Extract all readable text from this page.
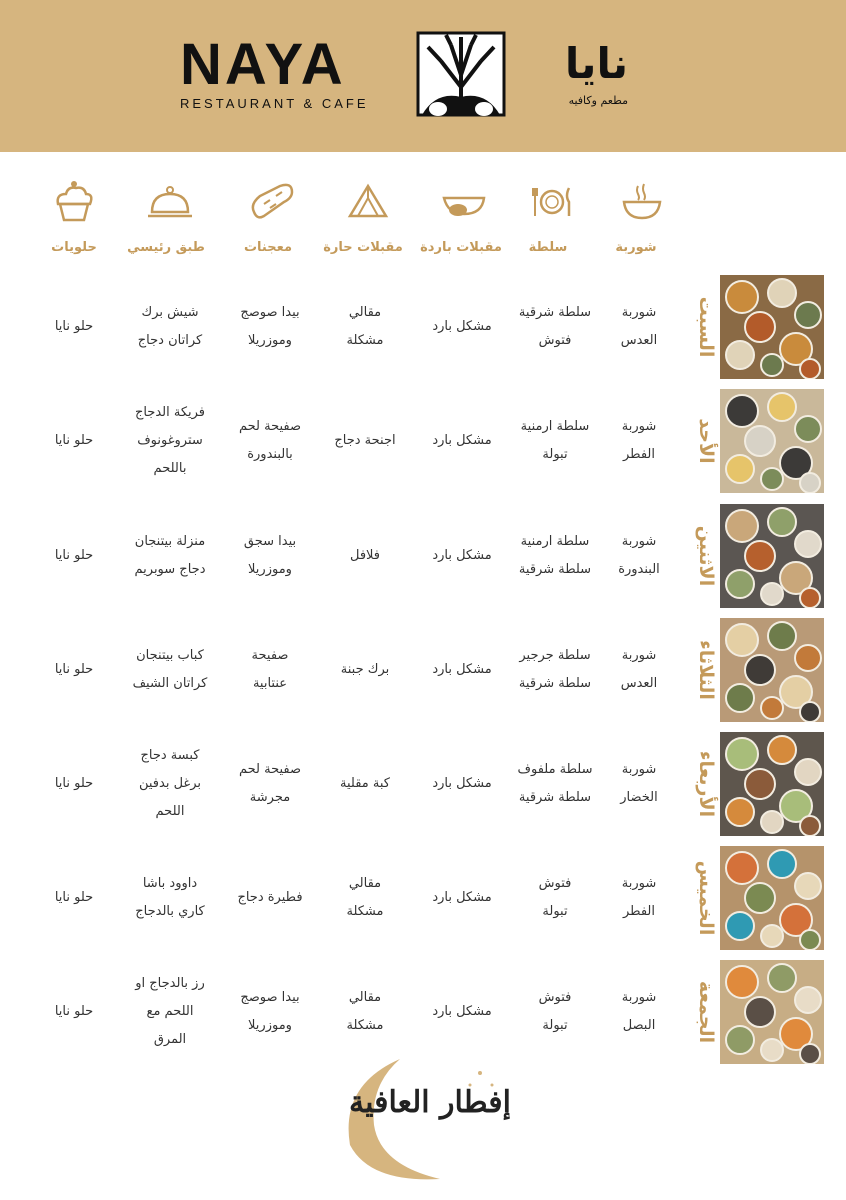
NAYA
RESTAURANT & CAFE
نايا
مطعم وكافيه
شوربة
سلطة
مقبلات باردة
مقبلات حارة
معجنات
طبق رئيسي
حلويات
السبت
شوربة
العدس
سلطة شرقية
فتوش
مشكل بارد
مقالي
مشكلة
بيدا صوصج
وموزريلا
شيش برك
كراتان دجاج
حلو نايا
الأحد
شوربة
الفطر
سلطة ارمنية
تبولة
مشكل بارد
اجنحة دجاج
صفيحة لحم
بالبندورة
فريكة الدجاج
ستروغونوف
باللحم
حلو نايا
الاثنين
شوربة
البندورة
سلطة ارمنية
سلطة شرقية
مشكل بارد
فلافل
بيدا سجق
وموزريلا
منزلة بيتنجان
دجاج سوبريم
حلو نايا
الثلاثاء
شوربة
العدس
سلطة جرجير
سلطة شرقية
مشكل بارد
برك جبنة
صفيحة
عنتابية
كباب بيتنجان
كراتان الشيف
حلو نايا
الأربعاء
شوربة
الخضار
سلطة ملفوف
سلطة شرقية
مشكل بارد
كبة مقلية
صفيحة لحم
مجرشة
كبسة دجاج
برغل بدفين
اللحم
حلو نايا
الخميس
شوربة
الفطر
فتوش
تبولة
مشكل بارد
مقالي
مشكلة
فطيرة دجاج
داوود باشا
كاري بالدجاج
حلو نايا
الجمعة
شوربة
البصل
فتوش
تبولة
مشكل بارد
مقالي
مشكلة
بيدا صوصج
وموزريلا
رز بالدجاج او
اللحم مع
المرق
حلو نايا
إفطار العافية
